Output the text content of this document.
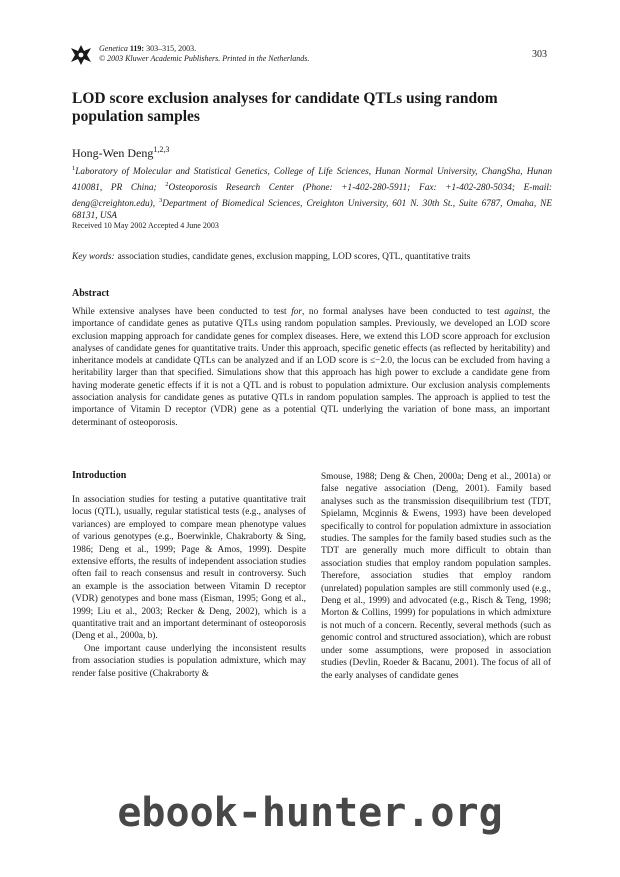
Genetica 119: 303–315, 2003.
© 2003 Kluwer Academic Publishers. Printed in the Netherlands.	303
LOD score exclusion analyses for candidate QTLs using random population samples
Hong-Wen Deng$^{1,2,3}$
$^1$Laboratory of Molecular and Statistical Genetics, College of Life Sciences, Hunan Normal University, ChangSha, Hunan 410081, PR China; $^2$Osteoporosis Research Center (Phone: +1-402-280-5911; Fax: +1-402-280-5034; E-mail: deng@creighton.edu), $^3$Department of Biomedical Sciences, Creighton University, 601 N. 30th St., Suite 6787, Omaha, NE 68131, USA
Received 10 May 2002 Accepted 4 June 2003
Key words: association studies, candidate genes, exclusion mapping, LOD scores, QTL, quantitative traits
Abstract

While extensive analyses have been conducted to test for, no formal analyses have been conducted to test against, the importance of candidate genes as putative QTLs using random population samples. Previously, we developed an LOD score exclusion mapping approach for candidate genes for complex diseases. Here, we extend this LOD score approach for exclusion analyses of candidate genes for quantitative traits. Under this approach, specific genetic effects (as reflected by heritability) and inheritance models at candidate QTLs can be analyzed and if an LOD score is ≤−2.0, the locus can be excluded from having a heritability larger than that specified. Simulations show that this approach has high power to exclude a candidate gene from having moderate genetic effects if it is not a QTL and is robust to population admixture. Our exclusion analysis complements association analysis for candidate genes as putative QTLs in random population samples. The approach is applied to test the importance of Vitamin D receptor (VDR) gene as a potential QTL underlying the variation of bone mass, an important determinant of osteoporosis.

Introduction

In association studies for testing a putative quantitative trait locus (QTL), usually, regular statistical tests (e.g., analyses of variances) are employed to compare mean phenotype values of various genotypes (e.g., Boerwinkle, Chakraborty & Sing, 1986; Deng et al., 1999; Page & Amos, 1999). Despite extensive efforts, the results of independent association studies often fail to reach consensus and result in controversy. Such an example is the association between Vitamin D receptor (VDR) genotypes and bone mass (Eisman, 1995; Gong et al., 1999; Liu et al., 2003; Recker & Deng, 2002), which is a quantitative trait and an important determinant of osteoporosis (Deng et al., 2000a, b).

One important cause underlying the inconsistent results from association studies is population admixture, which may render false positive (Chakraborty &

Smouse, 1988; Deng & Chen, 2000a; Deng et al., 2001a) or false negative association (Deng, 2001). Family based analyses such as the transmission disequilibrium test (TDT, Spielamn, Mcginnis & Ewens, 1993) have been developed specifically to control for population admixture in association studies. The samples for the family based studies such as the TDT are generally much more difficult to obtain than association studies that employ random population samples. Therefore, association studies that employ random (unrelated) population samples are still commonly used (e.g., Deng et al., 1999) and advocated (e.g., Risch & Teng, 1998; Morton & Collins, 1999) for populations in which admixture is not much of a concern. Recently, several methods (such as genomic control and structured association), which are robust under some assumptions, were proposed in association studies (Devlin, Roeder & Bacanu, 2001). The focus of all of the early analyses of candidate genes

ebook-hunter.org
